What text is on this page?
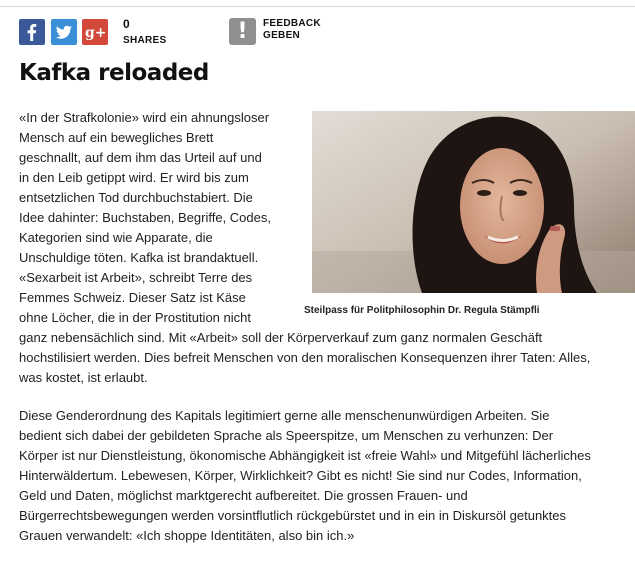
g+
0
SHARES	!	FEEDBACK
GEBEN
Kafka reloaded
Steilpass für Politphilosophin Dr. Regula Stämpfli
«In der Strafkolonie» wird ein ahnungsloser
Mensch auf ein bewegliches Brett
geschnallt, auf dem ihm das Urteil auf und
in den Leib getippt wird. Er wird bis zum
entsetzlichen Tod durchbuchstabiert. Die
Idee dahinter: Buchstaben, Begriffe, Codes,
Kategorien sind wie Apparate, die
Unschuldige töten. Kafka ist brandaktuell.
«Sexarbeit ist Arbeit», schreibt Terre des
Femmes Schweiz. Dieser Satz ist Käse
ohne Löcher, die in der Prostitution nicht
ganz nebensächlich sind. Mit «Arbeit» soll der Körperverkauf zum ganz normalen Geschäft
hochstilisiert werden. Dies befreit Menschen von den moralischen Konsequenzen ihrer Taten: Alles,
was kostet, ist erlaubt.
Diese Genderordnung des Kapitals legitimiert gerne alle menschenunwürdigen Arbeiten. Sie
bedient sich dabei der gebildeten Sprache als Speerspitze, um Menschen zu verhunzen: Der
Körper ist nur Dienstleistung, ökonomische Abhängigkeit ist «freie Wahl» und Mitgefühl lächerliches
Hinterwäldertum. Lebewesen, Körper, Wirklichkeit? Gibt es nicht! Sie sind nur Codes, Information,
Geld und Daten, möglichst marktgerecht aufbereitet. Die grossen Frauen- und
Bürgerrechtsbewegungen werden vorsintflutlich rückgebürstet und in ein in Diskursöl getunktes
Grauen verwandelt: «Ich shoppe Identitäten, also bin ich.»
